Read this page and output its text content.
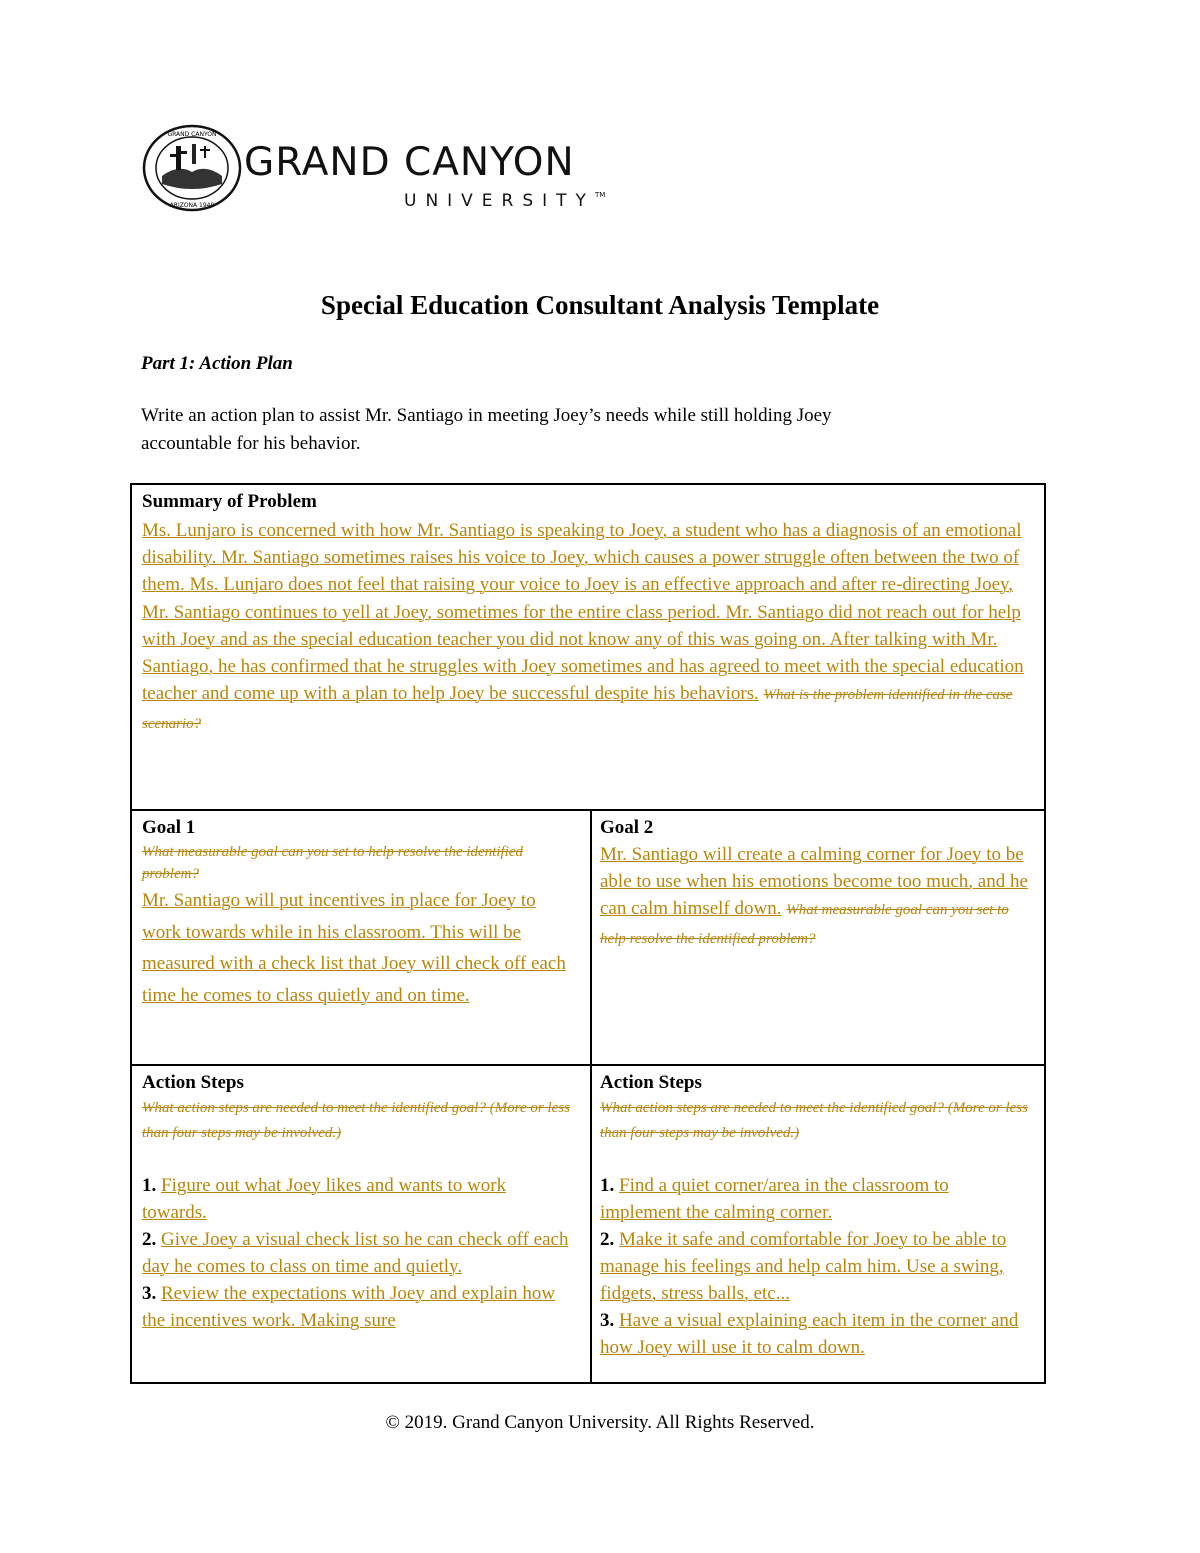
GRAND CANYON
ARIZONA 1949
GRAND CANYON
UNIVERSITY™
Special Education Consultant Analysis Template
Part 1: Action Plan
Write an action plan to assist Mr. Santiago in meeting Joey’s needs while still holding Joey
accountable for his behavior.
Summary of Problem
Ms. Lunjaro is concerned with how Mr. Santiago is speaking to Joey, a student who has a diagnosis of an emotional disability. Mr. Santiago sometimes raises his voice to Joey, which causes a power struggle often between the two of them. Ms. Lunjaro does not feel that raising your voice to Joey is an effective approach and after re-directing Joey, Mr. Santiago continues to yell at Joey, sometimes for the entire class period. Mr. Santiago did not reach out for help with Joey and as the special education teacher you did not know any of this was going on. After talking with Mr. Santiago, he has confirmed that he struggles with Joey sometimes and has agreed to meet with the special education teacher and come up with a plan to help Joey be successful despite his behaviors. What is the problem identified in the case scenario?
Goal 1
What measurable goal can you set to help resolve the identified problem?
Mr. Santiago will put incentives in place for Joey to work towards while in his classroom. This will be measured with a check list that Joey will check off each time he comes to class quietly and on time.
Goal 2
Mr. Santiago will create a calming corner for Joey to be able to use when his emotions become too much, and he can calm himself down. What measurable goal can you set to help resolve the identified problem?
Action Steps
What action steps are needed to meet the identified goal? (More or less than four steps may be involved.)
1. Figure out what Joey likes and wants to work towards.
2. Give Joey a visual check list so he can check off each day he comes to class on time and quietly.
3. Review the expectations with Joey and explain how the incentives work. Making sure
Action Steps
What action steps are needed to meet the identified goal? (More or less than four steps may be involved.)
1. Find a quiet corner/area in the classroom to implement the calming corner.
2. Make it safe and comfortable for Joey to be able to manage his feelings and help calm him. Use a swing, fidgets, stress balls, etc...
3. Have a visual explaining each item in the corner and how Joey will use it to calm down.
© 2019. Grand Canyon University. All Rights Reserved.
